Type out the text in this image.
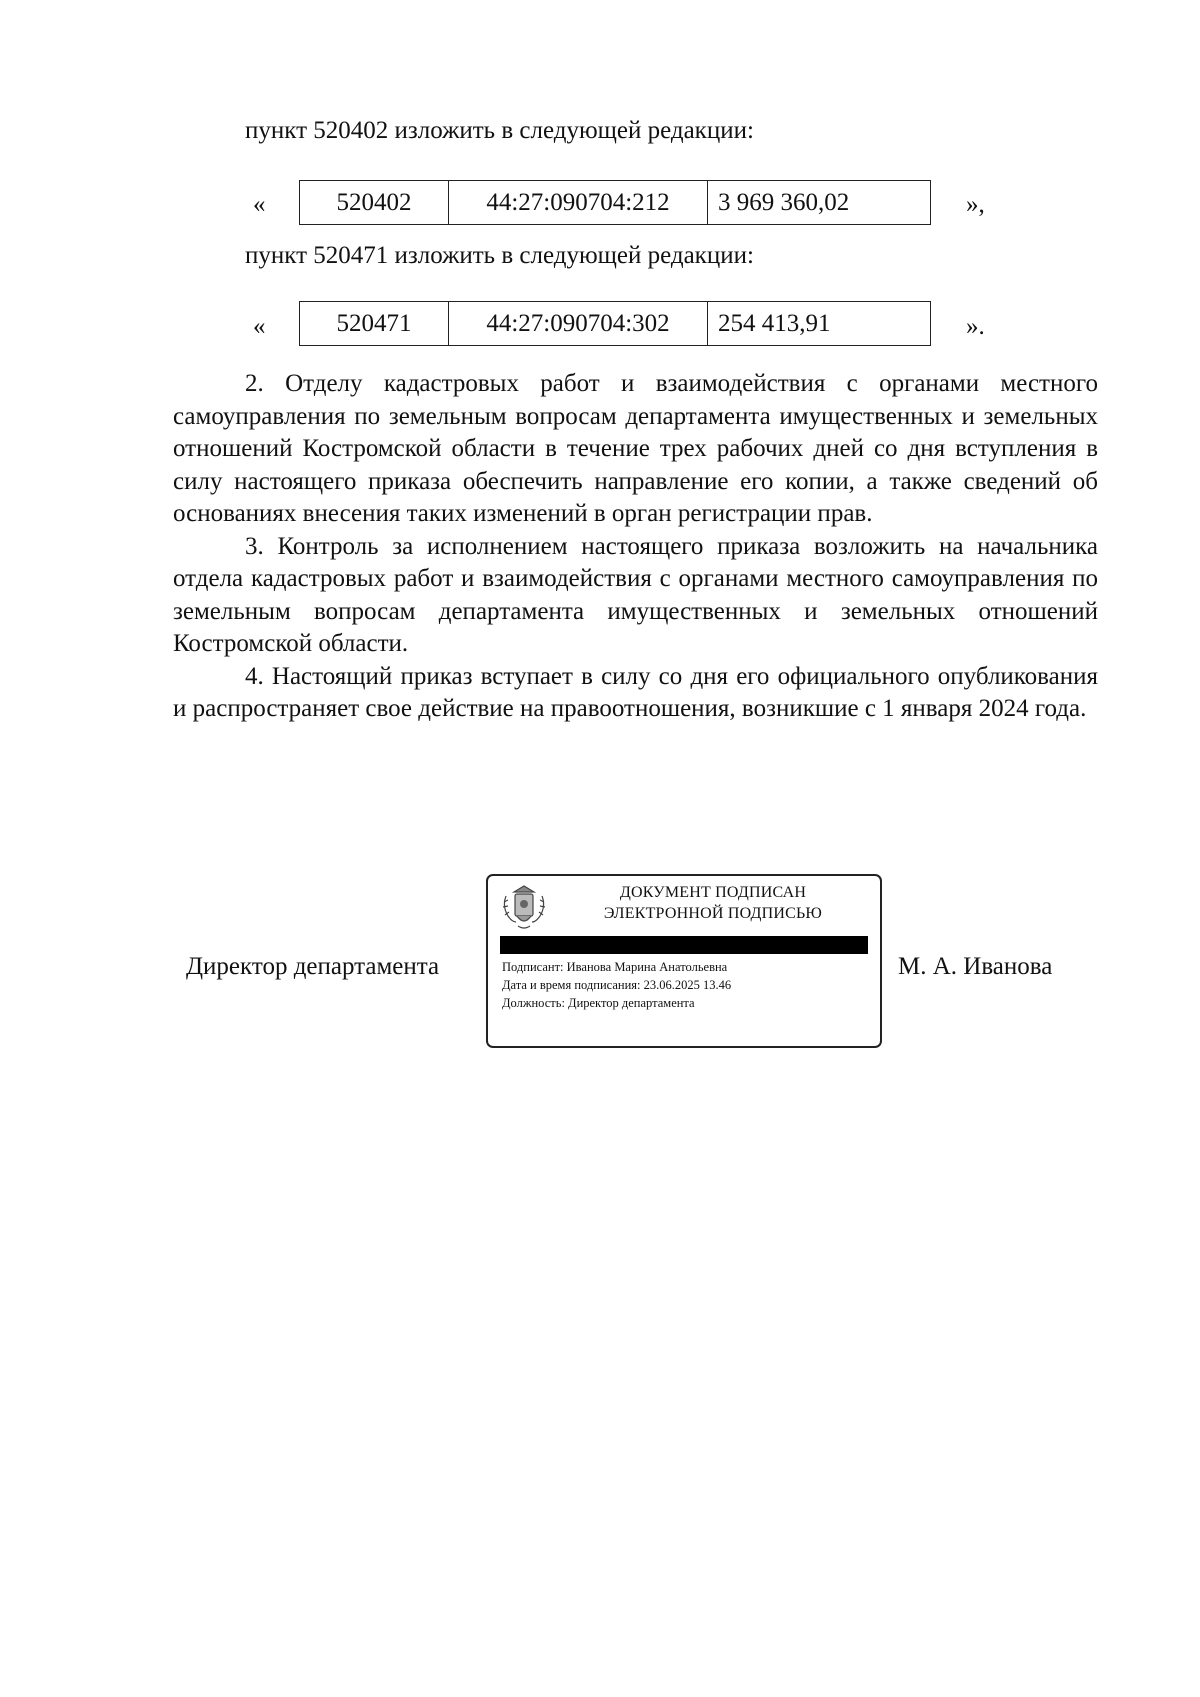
пункт 520402 изложить в следующей редакции:
«	520402	44:27:090704:212	3 969 360,02	»,
пункт 520471 изложить в следующей редакции:
«	520471	44:27:090704:302	254 413,91	».

2. Отделу кадастровых работ и взаимодействия с органами местного самоуправления по земельным вопросам департамента имущественных и земельных отношений Костромской области в течение трех рабочих дней со дня вступления в силу настоящего приказа обеспечить направление его копии, а также сведений об основаниях внесения таких изменений в орган регистрации прав.

3. Контроль за исполнением настоящего приказа возложить на начальника отдела кадастровых работ и взаимодействия с органами местного самоуправления по земельным вопросам департамента имущественных и земельных отношений Костромской области.

4. Настоящий приказ вступает в силу со дня его официального опубликования и распространяет свое действие на правоотношения, возникшие с 1 января 2024 года.

Директор департамента
ДОКУМЕНТ ПОДПИСАН
ЭЛЕКТРОННОЙ ПОДПИСЬЮ
Подписант: Иванова Марина Анатольевна
Дата и время подписания: 23.06.2025 13.46
Должность: Директор департамента
М. А. Иванова
